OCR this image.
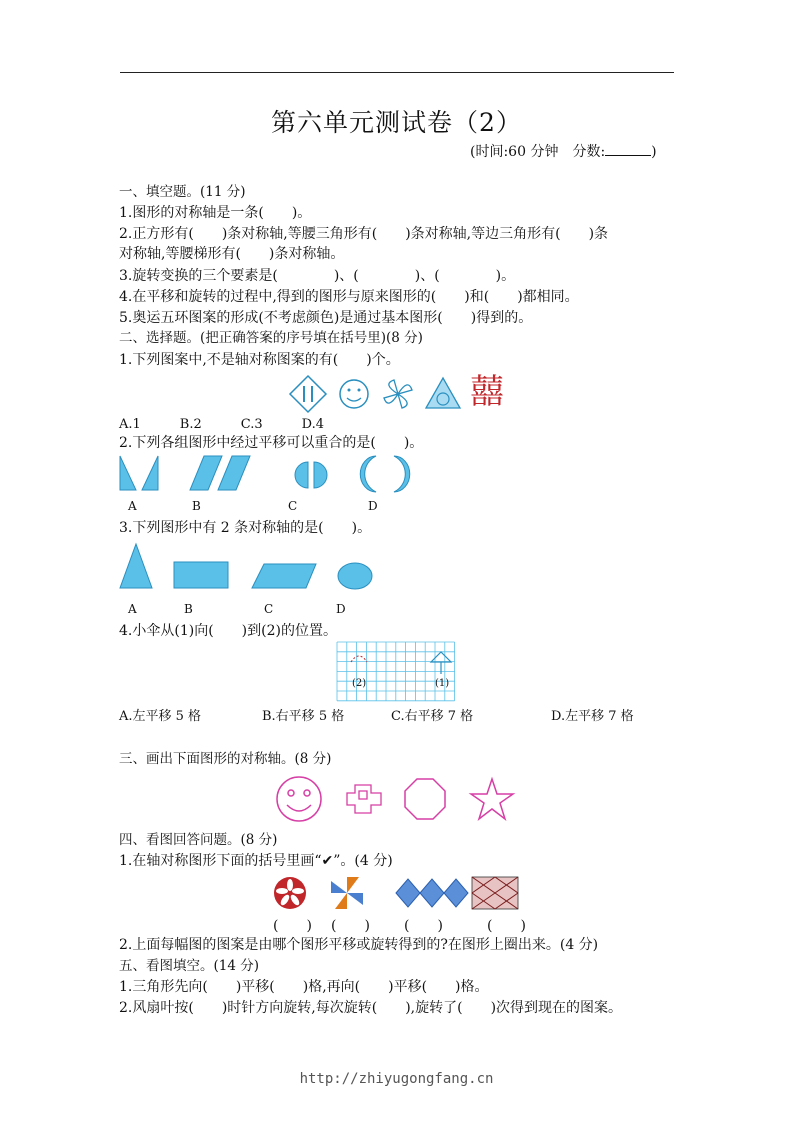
第六单元测试卷（2）
(时间:60 分钟　分数:	)
一、填空题。(11 分)
1.图形的对称轴是一条(　　)。
2.正方形有(　　)条对称轴,等腰三角形有(　　)条对称轴,等边三角形有(　　)条
对称轴,等腰梯形有(　　)条对称轴。
3.旋转变换的三个要素是(　　　　)、(　　　　)、(　　　　)。
4.在平移和旋转的过程中,得到的图形与原来图形的(　　)和(　　)都相同。
5.奥运五环图案的形成(不考虑颜色)是通过基本图形(　　)得到的。
二、选择题。(把正确答案的序号填在括号里)(8 分)
1.下列图案中,不是轴对称图案的有(　　)个。
囍
A.1　　　B.2　　　C.3　　　D.4
2.下列各组图形中经过平移可以重合的是(　　)。
A	B	C	D
3.下列图形中有 2 条对称轴的是(　　)。
A	B	C	D
4.小伞从(1)向(　　)到(2)的位置。
(2)	(1)
A.左平移 5 格	B.右平移 5 格	C.右平移 7 格	D.左平移 7 格
三、画出下面图形的对称轴。(8 分)
四、看图回答问题。(8 分)
1.在轴对称图形下面的括号里画“✔”。(4 分)
(　　) (　　) (　　)	(　　)
2.上面每幅图的图案是由哪个图形平移或旋转得到的?在图形上圈出来。(4 分)
五、看图填空。(14 分)
1.三角形先向(　　)平移(　　)格,再向(　　)平移(　　)格。
2.风扇叶按(　　)时针方向旋转,每次旋转(　　),旋转了(　　)次得到现在的图案。
http://zhiyugongfang.cn
